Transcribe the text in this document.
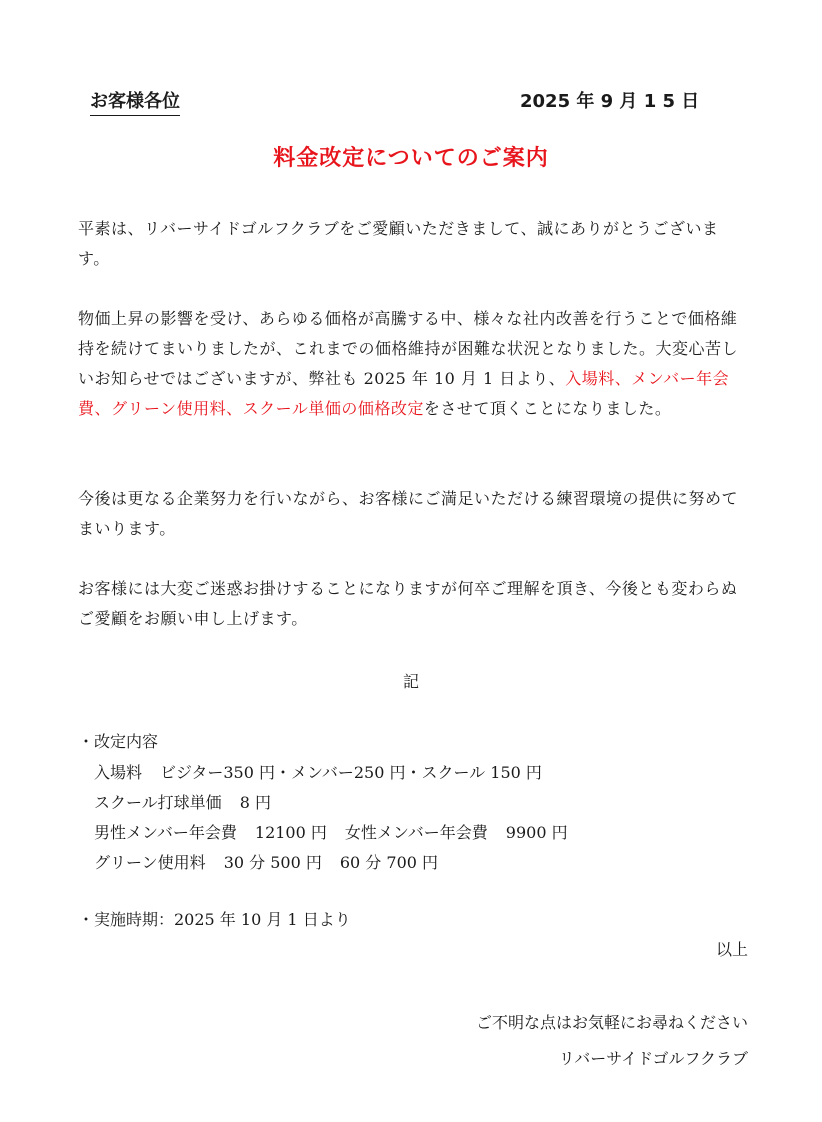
お客様各位	2025 年 9 月 1 5 日
料金改定についてのご案内
平素は、リバーサイドゴルフクラブをご愛顧いただきまして、誠にありがとうございます。
物価上昇の影響を受け、あらゆる価格が高騰する中、様々な社内改善を行うことで価格維持を続けてまいりましたが、これまでの価格維持が困難な状況となりました。大変心苦しいお知らせではございますが、弊社も 2025 年 10 月 1 日より、入場料、メンバー年会費、グリーン使用料、スクール単価の価格改定をさせて頂くことになりました。
今後は更なる企業努力を行いながら、お客様にご満足いただける練習環境の提供に努めてまいります。
お客様には大変ご迷惑お掛けすることになりますが何卒ご理解を頂き、今後とも変わらぬご愛顧をお願い申し上げます。
記
・改定内容
入場料 ビジター350 円・メンバー250 円・スクール 150 円
スクール打球単価 8 円
男性メンバー年会費 12100 円 女性メンバー年会費 9900 円
グリーン使用料 30 分 500 円 60 分 700 円
・実施時期：2025 年 10 月 1 日より
以上
ご不明な点はお気軽にお尋ねください
リバーサイドゴルフクラブ
